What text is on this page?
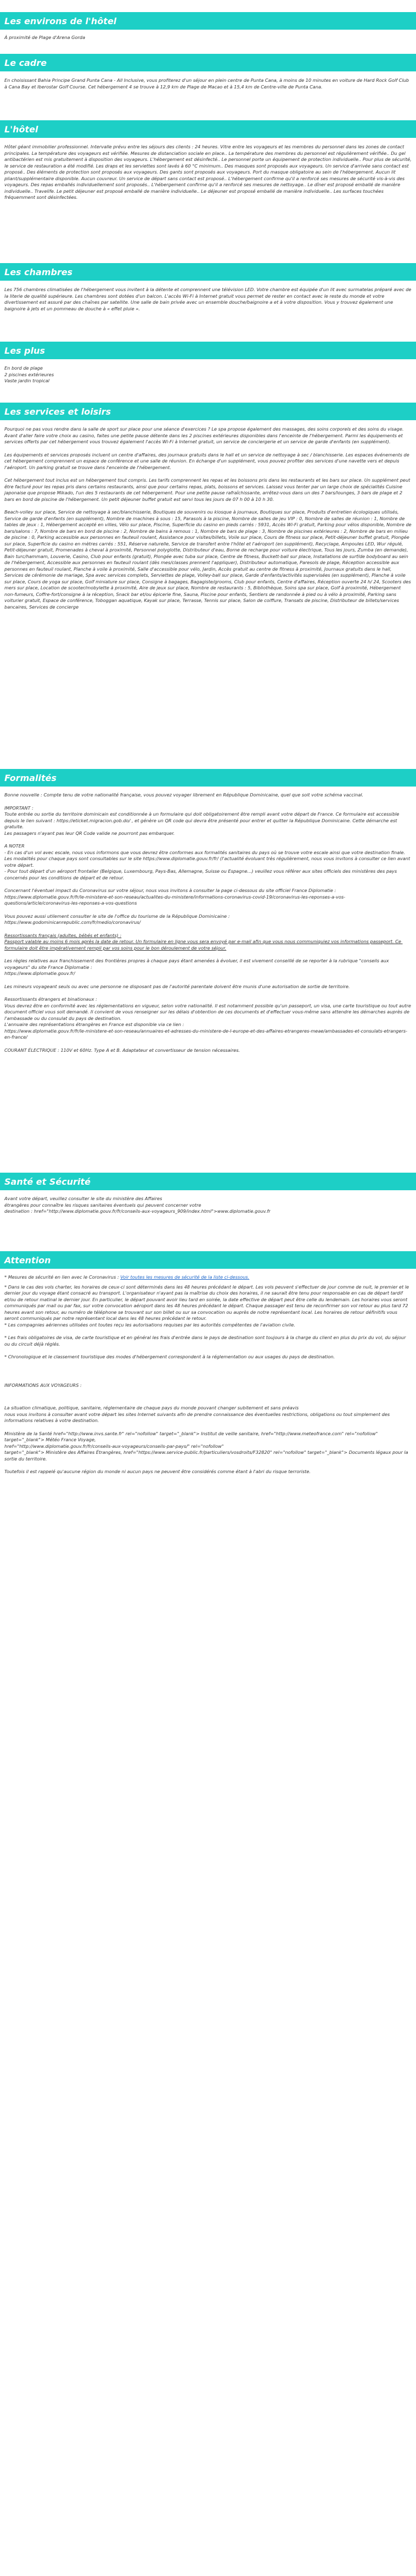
Les environs de l'hôtel

À proximité de Plage d'Arena Gorda

Le cadre

En choisissant Bahia Principe Grand Punta Cana - All Inclusive, vous profiterez d'un séjour en plein centre de Punta Cana, à moins de 10 minutes en voiture de Hard Rock Golf Club à Cana Bay et Iberostar Golf Course. Cet hébergement 4 se trouve à 12,9 km de Plage de Macao et à 15,4 km de Centre-ville de Punta Cana.

L'hôtel

Hôtel géant immobilier professionnel. Intervalle prévu entre les séjours des clients : 24 heures. Vitre entre les voyageurs et les membres du personnel dans les zones de contact principales. La température des voyageurs est vérifiée. Mesures de distanciation sociale en place.. La température des membres du personnel est régulièrement vérifiée.. Du gel antibactérien est mis gratuitement à disposition des voyageurs. L'hébergement est désinfecté.. Le personnel porte un équipement de protection individuelle.. Pour plus de sécurité, le service de restauration a été modifié. Les draps et les serviettes sont lavés à 60 °C minimum.. Des masques sont proposés aux voyageurs. Un service d'arrivée sans contact est proposé.. Des éléments de protection sont proposés aux voyageurs. Des gants sont proposés aux voyageurs. Port du masque obligatoire au sein de l'hébergement. Aucun lit pliant/supplémentaire disponible. Aucun couvreur. Un service de départ sans contact est proposé.. L'hébergement confirme qu'il a renforcé ses mesures de sécurité vis-à-vis des voyageurs. Des repas emballés individuellement sont proposés.. L'hébergement confirme qu'il a renforcé ses mesures de nettoyage.. Le dîner est proposé emballé de manière individuelle.. Travelife. Le petit déjeuner est proposé emballé de manière individuelle.. Le déjeuner est proposé emballé de manière individuelle.. Les surfaces touchées fréquemment sont désinfectées.

Les chambres

Les 756 chambres climatisées de l'hébergement vous invitent à la détente et comprennent une télévision LED. Votre chambre est équipée d'un lit avec surmatelas préparé avec de la literie de qualité supérieure. Les chambres sont dotées d'un balcon. L'accès Wi-Fi à Internet gratuit vous permet de rester en contact avec le reste du monde et votre divertissement est assuré par des chaînes par satellite. Une salle de bain privée avec un ensemble douche/baignoire a et à votre disposition. Vous y trouvez également une baignoire à jets et un pommeau de douche à « effet pluie ».

Les plus

En bord de plage
2 piscines extérieures
Vaste jardin tropical

Les services et loisirs

Pourquoi ne pas vous rendre dans la salle de sport sur place pour une séance d'exercices ? Le spa propose également des massages, des soins corporels et des soins du visage. Avant d'aller faire votre choix au casino, faites une petite pause détente dans les 2 piscines extérieures disponibles dans l'enceinte de l'hébergement. Parmi les équipements et services offerts par cet hébergement vous trouvez également l'accès Wi-Fi à Internet gratuit, un service de conciergerie et un service de garde d'enfants (en supplément).

Les équipements et services proposés incluent un centre d'affaires, des journaux gratuits dans le hall et un service de nettoyage à sec / blanchisserie. Les espaces événements de cet hébergement comprennent un espace de conférence et une salle de réunion. En échange d'un supplément, vous pouvez profiter des services d'une navette vers et depuis l'aéroport. Un parking gratuit se trouve dans l'enceinte de l'hébergement.

Cet hébergement tout inclus est un hébergement tout compris. Les tarifs comprennent les repas et les boissons pris dans les restaurants et les bars sur place. Un supplément peut être facturé pour les repas pris dans certains restaurants, ainsi que pour certains repas, plats, boissons et services. Laissez vous tenter par un large choix de spécialités Cuisine japonaise que propose Mikado, l'un des 5 restaurants de cet hébergement. Pour une petite pause rafraîchissante, arrêtez-vous dans un des 7 bars/lounges, 3 bars de plage et 2 bars en bord de piscine de l'hébergement. Un petit déjeuner buffet gratuit est servi tous les jours de 07 h 00 à 10 h 30.

Beach-volley sur place, Service de nettoyage à sec/blanchisserie, Boutiques de souvenirs ou kiosque à journaux, Boutiques sur place, Produits d'entretien écologiques utilisés, Service de garde d'enfants (en supplément), Nombre de machines à sous : 15, Parasols à la piscine, Nombre de salles de jeu VIP : 0, Nombre de salles de réunion : 1, Nombre de tables de jeux : 1, Hébergement accepté en villes, Vélo sur place, Piscine, Superficie du casino en pieds carrés : 5931, Accès Wi-Fi gratuit, Parking pour vélos disponible, Nombre de bars/salons : 7, Nombre de bars en bord de piscine : 2, Nombre de bains à remous : 1, Nombre de bars de plage : 3, Nombre de piscines extérieures : 2, Nombre de bars en milieu de piscine : 0, Parking accessible aux personnes en fauteuil roulant, Assistance pour visites/billets, Voile sur place, Cours de fitness sur place, Petit-déjeuner buffet gratuit, Plongée sur place, Superficie du casino en mètres carrés : 551, Réserve naturelle, Service de transfert entre l'hôtel et l'aéroport (en supplément), Recyclage, Ampoules LED, Wur régulé, Petit-déjeuner gratuit, Promenades à cheval à proximité, Personnel polyglotte, Distributeur d'eau, Borne de recharge pour voiture électrique, Tous les jours, Zumba (en demande), Bain turc/hammam, Louverie, Casino, Club pour enfants (gratuit), Plongée avec tuba sur place, Centre de fitness, Buckett-ball sur place, Installations de surf/de bodyboard au sein de l'hébergement, Accessible aux personnes en fauteuil roulant (dès mes/classes prennent l'appliquer), Distributeur automatique, Paresols de plage, Réception accessible aux personnes en fauteuil roulant, Planche à voile à proximité, Salle d'accessible pour vélo, Jardin, Accès gratuit au centre de fitness à proximité, Journaux gratuits dans le hall, Services de cérémonie de mariage, Spa avec services complets, Serviettes de plage, Volley-ball sur place, Garde d'enfants/activités supervisées (en supplément), Planche à voile sur place, Cours de yoga sur place, Golf miniature sur place, Consigne à bagages, Bagagiste/grooms, Club pour enfants, Centre d'affaires, Réception ouverte 24 h/ 24, Scooters des mers sur place, Location de scooter/mobylette à proximité, Aire de jeux sur place, Nombre de restaurants : 5, Bibliothèque, Soins spa sur place, Golf à proximité, Hébergement non-fumeurs, Coffre-fort/consigne à la réception, Snack bar et/ou épicerie fine, Sauna, Piscine pour enfants, Sentiers de randonnée à pied ou à vélo à proximité, Parking sans voiturier gratuit, Espace de conférence, Toboggan aquatique, Kayak sur place, Terrasse, Tennis sur place, Salon de coiffure, Transats de piscine, Distributeur de billets/services bancaires, Services de concierge

Formalités

Bonne nouvelle : Compte tenu de votre nationalité française, vous pouvez voyager librement en République Dominicaine, quel que soit votre schéma vaccinal.

IMPORTANT :
Toute entrée ou sortie du territoire dominicain est conditionnée à un formulaire qui doit obligatoirement être rempli avant votre départ de France. Ce formulaire est accessible depuis le lien suivant : https://eticket.migracion.gob.do/ , et génère un QR code qui devra être présenté pour entrer et quitter la République Dominicaine. Cette démarche est gratuite.
Les passagers n'ayant pas leur QR Code valide ne pourront pas embarquer.

A NOTER
- En cas d'un vol avec escale, nous vous informons que vous devrez être conformes aux formalités sanitaires du pays où se trouve votre escale ainsi que votre destination finale.
Les modalités pour chaque pays sont consultables sur le site https://www.diplomatie.gouv.fr/fr/ (l'actualité évoluant très régulièrement, nous vous invitons à consulter ce lien avant votre départ.
- Pour tout départ d'un aéroport frontalier (Belgique, Luxembourg, Pays-Bas, Allemagne, Suisse ou Espagne...) veuillez vous référer aux sites officiels des ministères des pays concernés pour les conditions de départ et de retour.

Concernant l'éventuel impact du Coronavirus sur votre séjour, nous vous invitons à consulter la page ci-dessous du site officiel France Diplomatie :
https://www.diplomatie.gouv.fr/fr/le-ministere-et-son-reseau/actualites-du-ministere/informations-coronavirus-covid-19/coronavirus-les-reponses-a-vos-questions/article/coronavirus-les-reponses-a-vos-questions

Vous pouvez aussi utilement consulter le site de l'office du tourisme de la République Dominicaine :
https://www.godominicanrepublic.com/fr/medio/coronavirus/

Ressortissants français (adultes, bébés et enfants) :
Passport valable au moins 6 mois après la date de retour. Un formulaire en ligne vous sera envoyé par e-mail afin que vous nous communiquiez vos informations passeport. Ce formulaire doit être impérativement rempli par vos soins pour le bon déroulement de votre séjour.

Les règles relatives aux franchissement des frontières propres à chaque pays étant amenées à évoluer, il est vivement conseillé de se reporter à la rubrique "conseils aux voyageurs" du site France Diplomatie :
https://www.diplomatie.gouv.fr/

Les mineurs voyageant seuls ou avec une personne ne disposant pas de l'autorité parentale doivent être munis d'une autorisation de sortie de territoire.

Ressortissants étrangers et binationaux :
Vous devrez être en conformité avec les réglementations en vigueur, selon votre nationalité. Il est notamment possible qu'un passeport, un visa, une carte touristique ou tout autre document officiel vous soit demandé. Il convient de vous renseigner sur les délais d'obtention de ces documents et d'effectuer vous-même sans attendre les démarches auprès de l'ambassade ou du consulat du pays de destination.
L'annuaire des représentations étrangères en France est disponible via ce lien :
https://www.diplomatie.gouv.fr/fr/le-ministere-et-son-reseau/annuaires-et-adresses-du-ministere-de-l-europe-et-des-affaires-etrangeres-meae/ambassades-et-consulats-etrangers-en-france/

COURANT ÉLECTRIQUE : 110V et 60Hz. Type A et B. Adaptateur et convertisseur de tension nécessaires.

Santé et Sécurité

Avant votre départ, veuillez consulter le site du ministère des Affaires
étrangères pour connaître les risques sanitaires éventuels qui peuvent concerner votre
destination : href="http://www.diplomatie.gouv.fr/fr/conseils-aux-voyageurs_909/index.html">www.diplomatie.gouv.fr

Attention

* Mesures de sécurité en lien avec le Coronavirus : Voir toutes les mesures de sécurité de la liste ci-dessous.

* Dans le cas des vols charter, les horaires de ceux-ci sont déterminés dans les 48 heures précédant le départ. Les vols peuvent s'effectuer de jour comme de nuit, le premier et le dernier jour du voyage étant consacré au transport. L'organisateur n'ayant pas la maîtrise du choix des horaires, il ne saurait être tenu pour responsable en cas de départ tardif et/ou de retour matinal le dernier jour. En particulier, le départ pouvant avoir lieu tard en soirée, la date effective de départ peut être celle du lendemain. Les horaires vous seront communiqués par mail ou par fax, sur votre convocation aéroport dans les 48 heures précédant le départ. Chaque passager est tenu de reconfirmer son vol retour au plus tard 72 heures avant son retour, au numéro de téléphone se trouvant sur son billet ou sur sa convocation ou auprès de notre représentant local. Les horaires de retour définitifs vous seront communiqués par notre représentant local dans les 48 heures précédant le retour.
* Les compagnies aériennes utilisées ont toutes reçu les autorisations requises par les autorités compétentes de l'aviation civile.

* Les frais obligatoires de visa, de carte touristique et en général les frais d'entrée dans le pays de destination sont toujours à la charge du client en plus du prix du vol, du séjour ou du circuit déjà réglés.

* Chronologique et le classement touristique des modes d'hébergement correspondent à la réglementation ou aux usages du pays de destination.

INFORMATIONS AUX VOYAGEURS :

La situation climatique, politique, sanitaire, réglementaire de chaque pays du monde pouvant changer subitement et sans préavis
nous vous invitons à consulter avant votre départ les sites Internet suivants afin de prendre connaissance des éventuelles restrictions, obligations ou tout simplement des informations relatives à votre destination.

Ministère de la Santé href="http://www.invs.sante.fr" rel="nofollow" target="_blank"> Institut de veille sanitaire, href="http://www.meteofrance.com" rel="nofollow" target="_blank"> Météo France Voyage,
href="http://www.diplomatie.gouv.fr/fr/conseils-aux-voyageurs/conseils-par-pays/" rel="nofollow"
target="_blank"> Ministère des Affaires Étrangères, href="https://www.service-public.fr/particuliers/vosdroits/F32820" rel="nofollow" target="_blank"> Documents légaux pour la sortie du territoire.

Toutefois il est rappelé qu'aucune région du monde ni aucun pays ne peuvent être considérés comme étant à l'abri du risque terroriste.
